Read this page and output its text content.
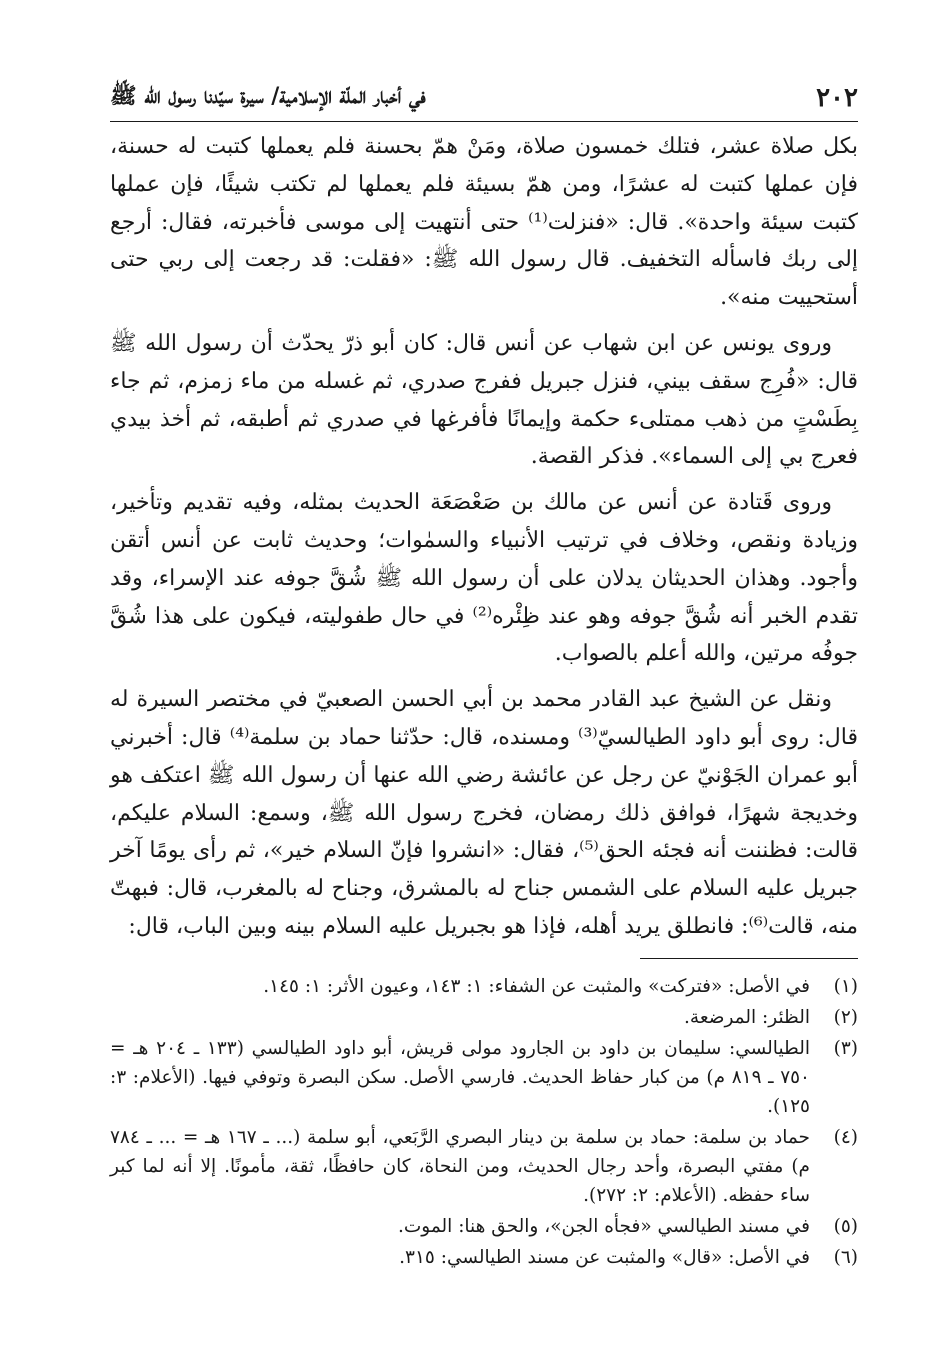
٢٠٢
في أخبار الملّة الإسلامية/ سيرة سيّدنا رسول الله ﷺ

بكل صلاة عشر، فتلك خمسون صلاة، ومَنْ همّ بحسنة فلم يعملها كتبت له حسنة، فإن عملها كتبت له عشرًا، ومن همّ بسيئة فلم يعملها لم تكتب شيئًا، فإن عملها كتبت سيئة واحدة». قال: «فنزلت⁽¹⁾ حتى أنتهيت إلى موسى فأخبرته، فقال: أرجع إلى ربك فاسأله التخفيف. قال رسول الله ﷺ: «فقلت: قد رجعت إلى ربي حتى أستحييت منه».

وروى يونس عن ابن شهاب عن أنس قال: كان أبو ذرّ يحدّث أن رسول الله ﷺ قال: «فُرِج سقف بيني، فنزل جبريل ففرج صدري، ثم غسله من ماء زمزم، ثم جاء بِطَسْتٍ من ذهب ممتلىء حكمة وإيمانًا فأفرغها في صدري ثم أطبقه، ثم أخذ بيدي فعرج بي إلى السماء». فذكر القصة.

وروى قَتادة عن أنس عن مالك بن صَعْصَعَة الحديث بمثله، وفيه تقديم وتأخير، وزيادة ونقص، وخلاف في ترتيب الأنبياء والسمٰوات؛ وحديث ثابت عن أنس أتقن وأجود. وهذان الحديثان يدلان على أن رسول الله ﷺ شُقَّ جوفه عند الإسراء، وقد تقدم الخبر أنه شُقَّ جوفه وهو عند ظِئْره⁽²⁾ في حال طفوليته، فيكون على هذا شُقَّ جوفُه مرتين، والله أعلم بالصواب.

ونقل عن الشيخ عبد القادر محمد بن أبي الحسن الصعبيّ في مختصر السيرة له قال: روى أبو داود الطيالسيّ⁽³⁾ ومسنده، قال: حدّثنا حماد بن سلمة⁽⁴⁾ قال: أخبرني أبو عمران الجَوْنيّ عن رجل عن عائشة رضي الله عنها أن رسول الله ﷺ اعتكف هو وخديجة شهرًا، فوافق ذلك رمضان، فخرج رسول الله ﷺ، وسمع: السلام عليكم، قالت: فظننت أنه فجئه الحق⁽⁵⁾، فقال: «انشروا فإنّ السلام خير»، ثم رأى يومًا آخر جبريل عليه السلام على الشمس جناح له بالمشرق، وجناح له بالمغرب، قال: فبهتّ منه، قالت⁽⁶⁾: فانطلق يريد أهله، فإذا هو بجبريل عليه السلام بينه وبين الباب، قال:

(١)
في الأصل: «فتركت» والمثبت عن الشفاء: ١: ١٤٣، وعيون الأثر: ١: ١٤٥.
(٢)
الظئر: المرضعة.
(٣)
الطيالسي: سليمان بن داود بن الجارود مولى قريش، أبو داود الطيالسي (١٣٣ ـ ٢٠٤ هـ = ٧٥٠ ـ ٨١٩ م) من كبار حفاظ الحديث. فارسي الأصل. سكن البصرة وتوفي فيها. (الأعلام: ٣: ١٢٥).
(٤)
حماد بن سلمة: حماد بن سلمة بن دينار البصري الرَّبَعي، أبو سلمة (... ـ ١٦٧ هـ = ... ـ ٧٨٤ م) مفتي البصرة، وأحد رجال الحديث، ومن النحاة، كان حافظًا، ثقة، مأمونًا. إلا أنه لما كبر ساء حفظه. (الأعلام: ٢: ٢٧٢).
(٥)
في مسند الطيالسي «فجأه الجن»، والحق هنا: الموت.
(٦)
في الأصل: «قال» والمثبت عن مسند الطيالسي: ٣١٥.
